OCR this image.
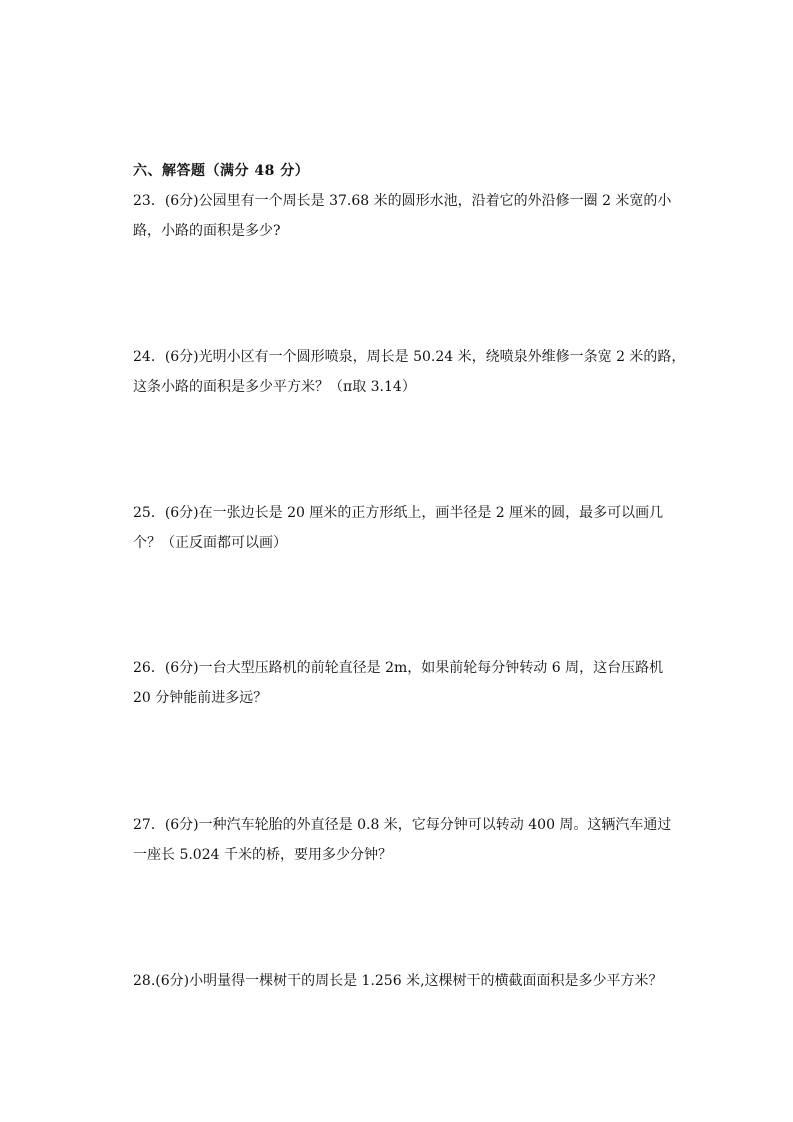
六、解答题（满分 48 分）
23．(6分)公园里有一个周长是 37.68 米的圆形水池，沿着它的外沿修一圈 2 米宽的小
路，小路的面积是多少?
24．(6分)光明小区有一个圆形喷泉，周长是 50.24 米，绕喷泉外维修一条宽 2 米的路，
这条小路的面积是多少平方米？（π取 3.14）
25．(6分)在一张边长是 20 厘米的正方形纸上，画半径是 2 厘米的圆，最多可以画几
个？（正反面都可以画）
26．(6分)一台大型压路机的前轮直径是 2m，如果前轮每分钟转动 6 周，这台压路机
20 分钟能前进多远？
27．(6分)一种汽车轮胎的外直径是 0.8 米，它每分钟可以转动 400 周。这辆汽车通过
一座长 5.024 千米的桥，要用多少分钟？
28.(6分)小明量得一棵树干的周长是 1.256 米,这棵树干的横截面面积是多少平方米？
